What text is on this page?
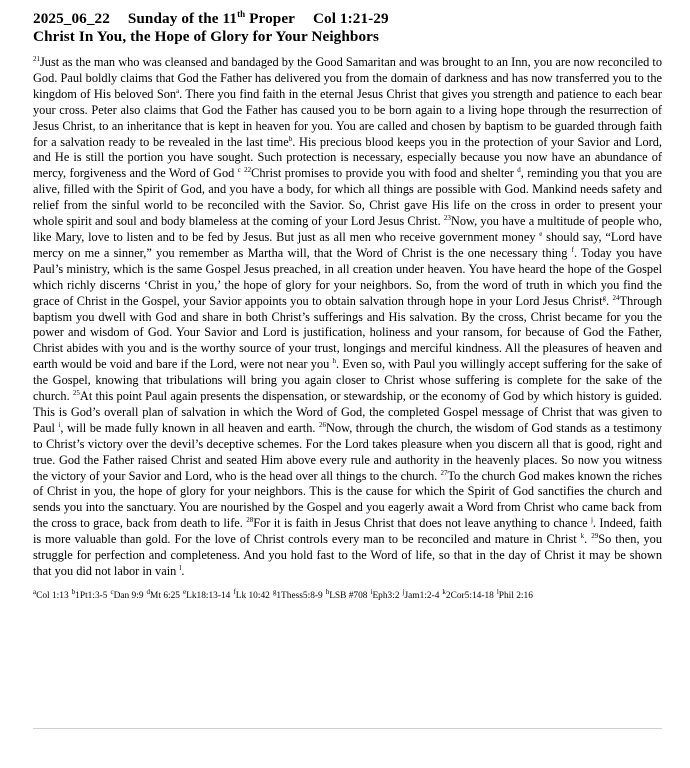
2025_06_22 Sunday of the 11th Proper Col 1:21-29
Christ In You, the Hope of Glory for Your Neighbors
$^{21}$Just as the man who was cleansed and bandaged by the Good Samaritan and was brought to an Inn, you are now reconciled to God. Paul boldly claims that God the Father has delivered you from the domain of darkness and has now transferred you to the kingdom of His beloved Son$^a$. There you find faith in the eternal Jesus Christ that gives you strength and patience to each bear your cross. Peter also claims that God the Father has caused you to be born again to a living hope through the resurrection of Jesus Christ, to an inheritance that is kept in heaven for you. You are called and chosen by baptism to be guarded through faith for a salvation ready to be revealed in the last time$^b$. His precious blood keeps you in the protection of your Savior and Lord, and He is still the portion you have sought. Such protection is necessary, especially because you now have an abundance of mercy, forgiveness and the Word of God $^c$ $^{22}$Christ promises to provide you with food and shelter $^d$, reminding you that you are alive, filled with the Spirit of God, and you have a body, for which all things are possible with God. Mankind needs safety and relief from the sinful world to be reconciled with the Savior. So, Christ gave His life on the cross in order to present your whole spirit and soul and body blameless at the coming of your Lord Jesus Christ. $^{23}$Now, you have a multitude of people who, like Mary, love to listen and to be fed by Jesus. But just as all men who receive government money $^e$ should say, “Lord have mercy on me a sinner,” you remember as Martha will, that the Word of Christ is the one necessary thing $^f$. Today you have Paul’s ministry, which is the same Gospel Jesus preached, in all creation under heaven. You have heard the hope of the Gospel which richly discerns ‘Christ in you,’ the hope of glory for your neighbors. So, from the word of truth in which you find the grace of Christ in the Gospel, your Savior appoints you to obtain salvation through hope in your Lord Jesus Christ$^g$. $^{24}$Through baptism you dwell with God and share in both Christ’s sufferings and His salvation. By the cross, Christ became for you the power and wisdom of God. Your Savior and Lord is justification, holiness and your ransom, for because of God the Father, Christ abides with you and is the worthy source of your trust, longings and merciful kindness. All the pleasures of heaven and earth would be void and bare if the Lord, were not near you $^h$. Even so, with Paul you willingly accept suffering for the sake of the Gospel, knowing that tribulations will bring you again closer to Christ whose suffering is complete for the sake of the church. $^{25}$At this point Paul again presents the dispensation, or stewardship, or the economy of God by which history is guided. This is God’s overall plan of salvation in which the Word of God, the completed Gospel message of Christ that was given to Paul $^i$, will be made fully known in all heaven and earth. $^{26}$Now, through the church, the wisdom of God stands as a testimony to Christ’s victory over the devil’s deceptive schemes. For the Lord takes pleasure when you discern all that is good, right and true. God the Father raised Christ and seated Him above every rule and authority in the heavenly places. So now you witness the victory of your Savior and Lord, who is the head over all things to the church. $^{27}$To the church God makes known the riches of Christ in you, the hope of glory for your neighbors. This is the cause for which the Spirit of God sanctifies the church and sends you into the sanctuary. You are nourished by the Gospel and you eagerly await a Word from Christ who came back from the cross to grace, back from death to life. $^{28}$For it is faith in Jesus Christ that does not leave anything to chance $^j$. Indeed, faith is more valuable than gold. For the love of Christ controls every man to be reconciled and mature in Christ $^k$. $^{29}$So then, you struggle for perfection and completeness. And you hold fast to the Word of life, so that in the day of Christ it may be shown that you did not labor in vain $^l$.
$^a$Col 1:13 $^b$1Pt1:3-5 $^c$Dan 9:9 $^d$Mt 6:25 $^e$Lk18:13-14 $^f$Lk 10:42 $^g$1Thess5:8-9 $^h$LSB #708 $^i$Eph3:2 $^j$Jam1:2-4 $^k$2Cor5:14-18 $^l$Phil 2:16
